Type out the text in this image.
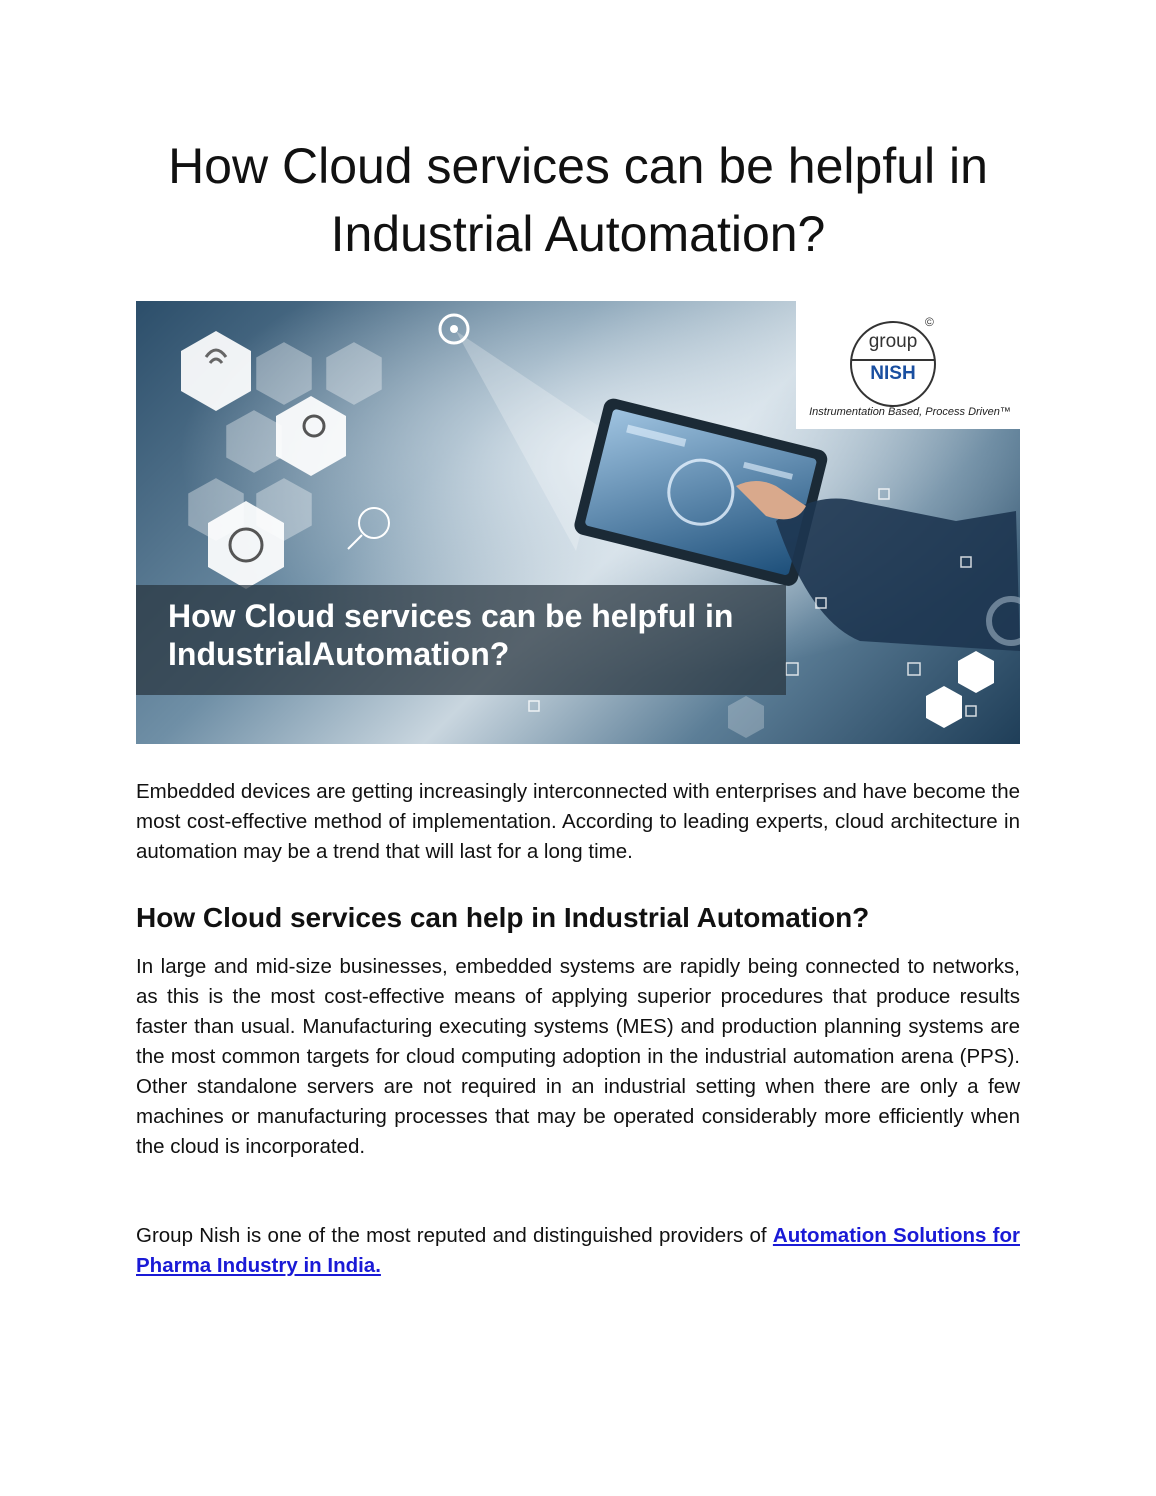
How Cloud services can be helpful in Industrial Automation?
group
NISH
©
Instrumentation Based, Process Driven™

How Cloud services can be helpful in IndustrialAutomation?

Embedded devices are getting increasingly interconnected with enterprises and have become the most cost-effective method of implementation. According to leading experts, cloud architecture in automation may be a trend that will last for a long time.

How Cloud services can help in Industrial Automation?

In large and mid-size businesses, embedded systems are rapidly being connected to networks, as this is the most cost-effective means of applying superior procedures that produce results faster than usual. Manufacturing executing systems (MES) and production planning systems are the most common targets for cloud computing adoption in the industrial automation arena (PPS). Other standalone servers are not required in an industrial setting when there are only a few machines or manufacturing processes that may be operated considerably more efficiently when the cloud is incorporated.

Group Nish is one of the most reputed and distinguished providers of Automation Solutions for Pharma Industry in India.
